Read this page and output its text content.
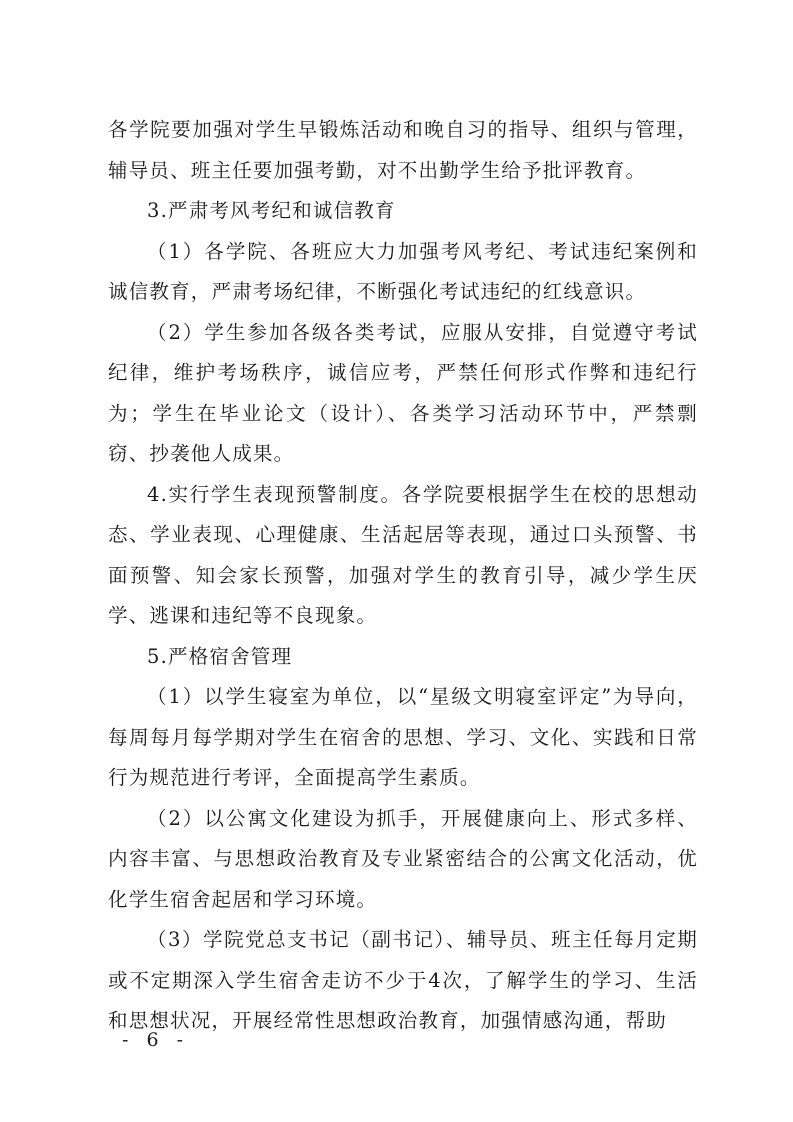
各学院要加强对学生早锻炼活动和晚自习的指导、组织与管理，辅导员、班主任要加强考勤，对不出勤学生给予批评教育。

3.严肃考风考纪和诚信教育

（1）各学院、各班应大力加强考风考纪、考试违纪案例和诚信教育，严肃考场纪律，不断强化考试违纪的红线意识。

（2）学生参加各级各类考试，应服从安排，自觉遵守考试纪律，维护考场秩序，诚信应考，严禁任何形式作弊和违纪行为；学生在毕业论文（设计）、各类学习活动环节中，严禁剽窃、抄袭他人成果。

4.实行学生表现预警制度。各学院要根据学生在校的思想动态、学业表现、心理健康、生活起居等表现，通过口头预警、书面预警、知会家长预警，加强对学生的教育引导，减少学生厌学、逃课和违纪等不良现象。

5.严格宿舍管理

（1）以学生寝室为单位，以“星级文明寝室评定”为导向，每周每月每学期对学生在宿舍的思想、学习、文化、实践和日常行为规范进行考评，全面提高学生素质。

（2）以公寓文化建设为抓手，开展健康向上、形式多样、内容丰富、与思想政治教育及专业紧密结合的公寓文化活动，优化学生宿舍起居和学习环境。

（3）学院党总支书记（副书记）、辅导员、班主任每月定期或不定期深入学生宿舍走访不少于4次，了解学生的学习、生活和思想状况，开展经常性思想政治教育，加强情感沟通，帮助

- 6 -
